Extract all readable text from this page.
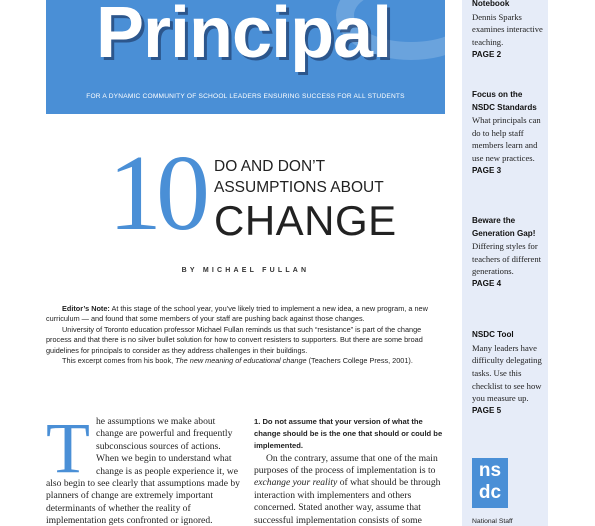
Principal
FOR A DYNAMIC COMMUNITY OF SCHOOL LEADERS ENSURING SUCCESS FOR ALL STUDENTS
10 DO AND DON’T
ASSUMPTIONS ABOUT
CHANGE
BY MICHAEL FULLAN

Editor’s Note: At this stage of the school year, you’ve likely tried to implement a new idea, a new program, a new curriculum — and found that some members of your staff are pushing back against those changes.

University of Toronto education professor Michael Fullan reminds us that such “resistance” is part of the change process and that there is no silver bullet solution for how to convert resisters to supporters. But there are some broad guidelines for principals to consider as they address challenges in their buildings.

This excerpt comes from his book, The new meaning of educational change (Teachers College Press, 2001).

T he assumptions we make about change are powerful and frequently subconscious sources of actions. When we begin to understand what change is as people experience it, we also begin to see clearly that assumptions made by planners of change are extremely important determinants of whether the reality of implementation gets confronted or ignored.
1. Do not assume that your version of what the change should be is the one that should or could be implemented.

On the contrary, assume that one of the main purposes of the process of implementation is to exchange your reality of what should be through interaction with implementers and others concerned. Stated another way, assume that successful implementation consists of some

Notebook
Dennis Sparks examines interactive teaching.
PAGE 2
Focus on the NSDC Standards
What principals can do to help staff members learn and use new practices.
PAGE 3
Beware the Generation Gap!
Differing styles for teachers of different generations.
PAGE 4
NSDC Tool
Many leaders have difficulty delegating tasks. Use this checklist to see how you measure up.
PAGE 5
ns
dc
National Staff
